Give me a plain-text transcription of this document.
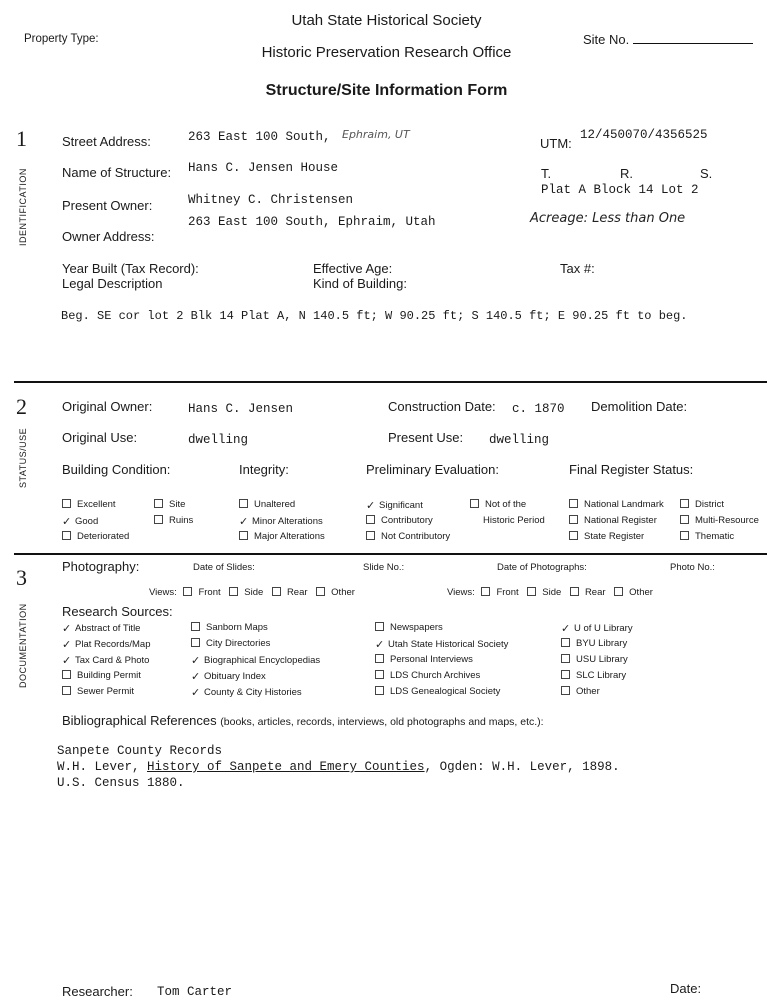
Utah State Historical Society
Historic Preservation Research Office
Structure/Site Information Form
Property Type:	Site No.
1
IDENTIFICATION
Street Address:	263 East 100 South, Ephraim, UT
Name of Structure: Hans C. Jensen House
Present Owner:	Whitney C. Christensen
Owner Address:
263 East 100 South, Ephraim, Utah
UTM:
12/450070/4356525
T.	R.	S.
Plat A Block 14 Lot 2
Acreage: Less than One
Year Built (Tax Record):
Legal Description
Effective Age:
Kind of Building:
Tax #:
Beg. SE cor lot 2 Blk 14 Plat A, N 140.5 ft; W 90.25 ft; S 140.5 ft; E 90.25 ft to beg.
2
STATUS/USE
Original Owner:	Hans C. Jensen	Construction Date: c. 1870 Demolition Date:
Original Use:	dwelling	Present Use: dwelling
Building Condition:	Integrity:	Preliminary Evaluation:	Final Register Status:
Excellent
✓ Good
Deteriorated
Site
Ruins
Unaltered
✓ Minor Alterations
Major Alterations
✓ Significant
Contributory
Not Contributory
Not of the
Historic Period
National Landmark
National Register
State Register
District
Multi-Resource
Thematic
3
DOCUMENTATION
Photography:	Date of Slides:	Slide No.:	Date of Photographs:	Photo No.:
Views: Front Side Rear Other	Views: Front Side Rear Other
Research Sources:
✓ Abstract of Title
✓ Plat Records/Map
✓ Tax Card & Photo
Building Permit
Sewer Permit
Sanborn Maps
City Directories
✓ Biographical Encyclopedias
✓ Obituary Index
✓ County & City Histories
Newspapers
✓ Utah State Historical Society
Personal Interviews
LDS Church Archives
LDS Genealogical Society
✓ U of U Library
BYU Library
USU Library
SLC Library
Other
Bibliographical References (books, articles, records, interviews, old photographs and maps, etc.):
Sanpete County Records
W.H. Lever, History of Sanpete and Emery Counties, Ogden: W.H. Lever, 1898.
U.S. Census 1880.
Researcher: Tom Carter	Date:
